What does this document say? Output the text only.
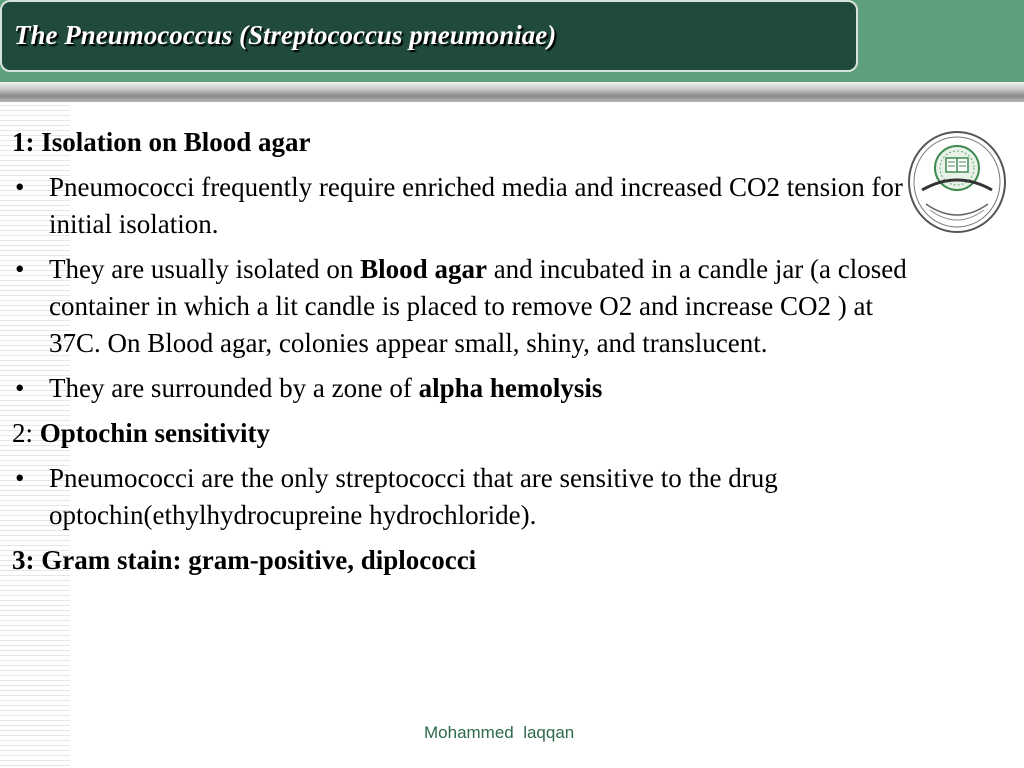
The Pneumococcus (Streptococcus pneumoniae)
1: Isolation on Blood agar
• Pneumococci frequently require enriched media and increased CO2 tension for initial isolation.
• They are usually isolated on Blood agar and incubated in a candle jar (a closed container in which a lit candle is placed to remove O2 and increase CO2 ) at 37C. On Blood agar, colonies appear small, shiny, and translucent.
• They are surrounded by a zone of alpha hemolysis
2: Optochin sensitivity
• Pneumococci are the only streptococci that are sensitive to the drug optochin(ethylhydrocupreine hydrochloride).
3: Gram stain: gram-positive, diplococci
Mohammed  laqqan
